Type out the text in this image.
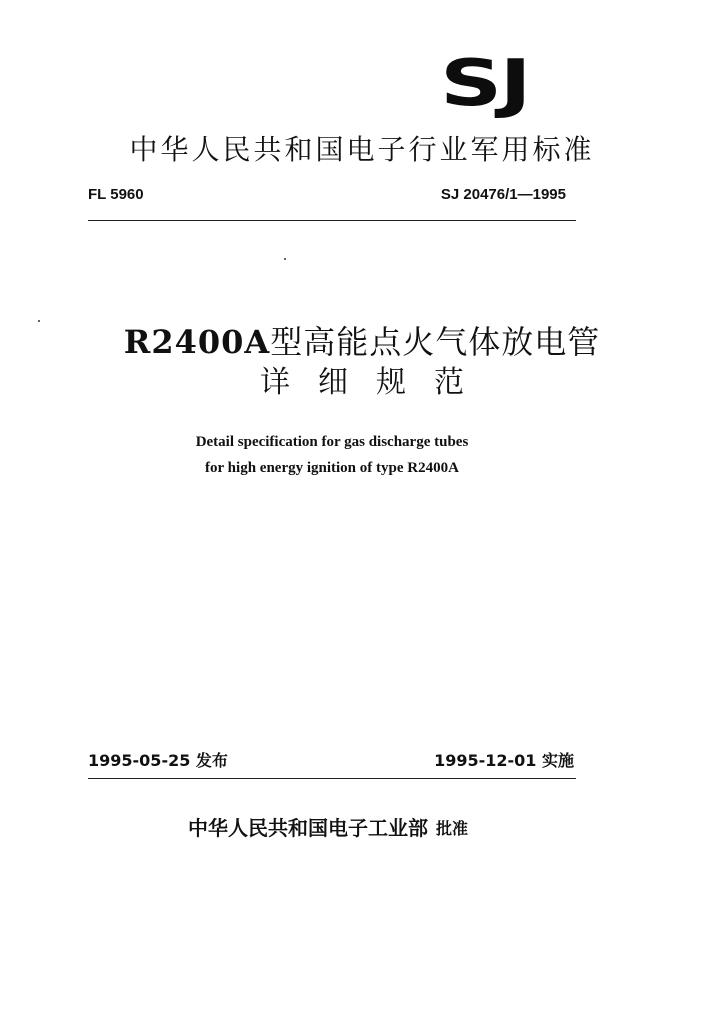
SJ
中华人民共和国电子行业军用标准
FL 5960	SJ 20476/1—1995
R2400A型高能点火气体放电管
详细规范
Detail specification for gas discharge tubes
for high energy ignition of type R2400A
1995-05-25 发布	1995-12-01 实施
中华人民共和国电子工业部 批准
